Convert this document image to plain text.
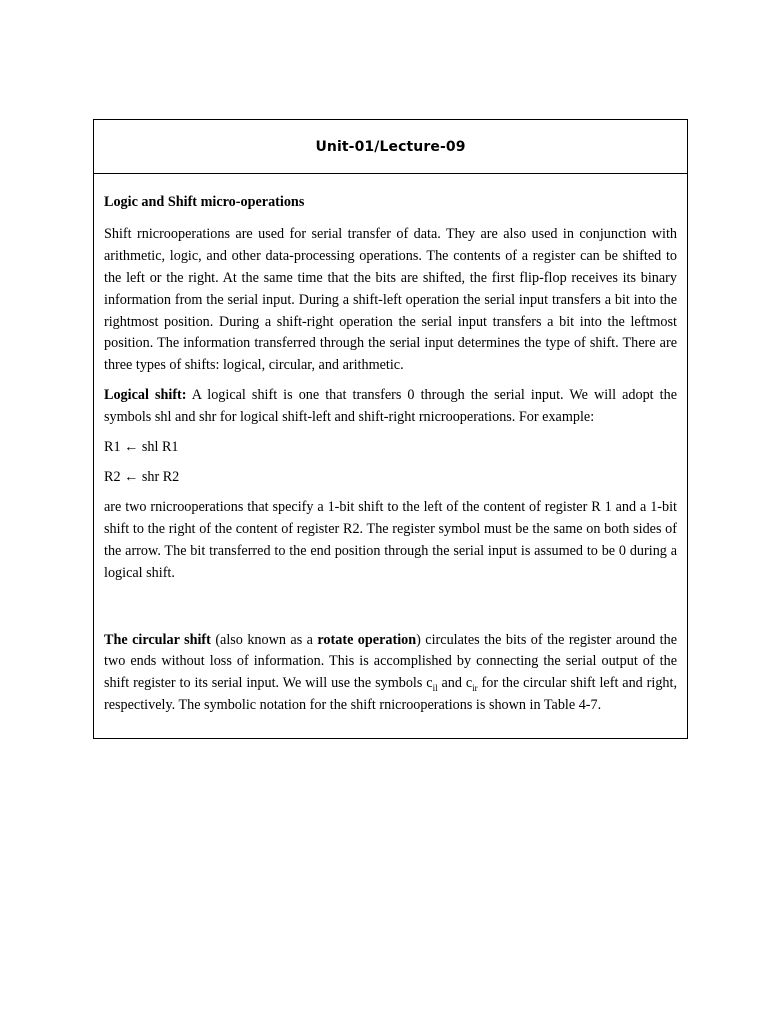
Unit-01/Lecture-09

Logic and Shift micro-operations

Shift rnicrooperations are used for serial transfer of data. They are also used in conjunction with arithmetic, logic, and other data-processing operations. The contents of a register can be shifted to the left or the right. At the same time that the bits are shifted, the first flip-flop receives its binary information from the serial input. During a shift-left operation the serial input transfers a bit into the rightmost position. During a shift-right operation the serial input transfers a bit into the leftmost position. The information transferred through the serial input determines the type of shift. There are three types of shifts: logical, circular, and arithmetic.

Logical shift: A logical shift is one that transfers 0 through the serial input. We will adopt the symbols shl and shr for logical shift-left and shift-right rnicrooperations. For example:

R1 ← shl R1

R2 ← shr R2

are two rnicrooperations that specify a 1-bit shift to the left of the content of register R 1 and a 1-bit shift to the right of the content of register R2. The register symbol must be the same on both sides of the arrow. The bit transferred to the end position through the serial input is assumed to be 0 during a logical shift.

The circular shift (also known as a rotate operation) circulates the bits of the register around the two ends without loss of information. This is accomplished by connecting the serial output of the shift register to its serial input. We will use the symbols $c_{il}$ and $c_{ir}$ for the circular shift left and right, respectively. The symbolic notation for the shift rnicrooperations is shown in Table 4-7.
